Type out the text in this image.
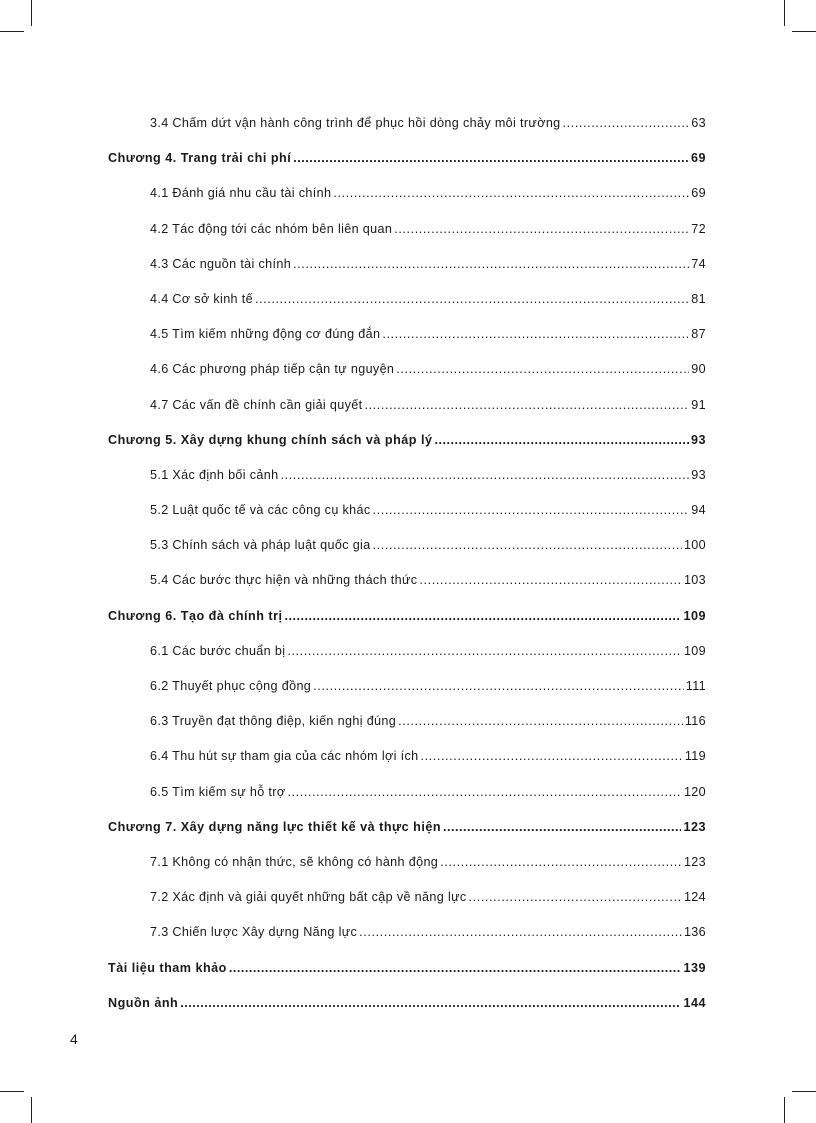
3.4 Chấm dứt vận hành công trình để phục hồi dòng chảy môi trường .....	63
Chương 4. Trang trải chi phí .....	69
4.1 Đánh giá nhu cầu tài chính .....	69
4.2 Tác động tới các nhóm bên liên quan .....	72
4.3 Các nguồn tài chính .....	74
4.4 Cơ sở kinh tế .....	81
4.5 Tìm kiếm những động cơ đúng đắn .....	87
4.6 Các phương pháp tiếp cận tự nguyện .....	90
4.7 Các vấn đề chính cần giải quyết .....	91
Chương 5. Xây dựng khung chính sách và pháp lý .....	93
5.1 Xác định bối cảnh .....	93
5.2 Luật quốc tế và các công cụ khác .....	94
5.3 Chính sách và pháp luật quốc gia .....	100
5.4 Các bước thực hiện và những thách thức .....	103
Chương 6. Tạo đà chính trị .....	109
6.1 Các bước chuẩn bị .....	109
6.2 Thuyết phục cộng đồng .....	111
6.3 Truyền đạt thông điệp, kiến nghị đúng .....	116
6.4 Thu hút sự tham gia của các nhóm lợi ích .....	119
6.5 Tìm kiếm sự hỗ trợ .....	120
Chương 7. Xây dựng năng lực thiết kế và thực hiện .....	123
7.1 Không có nhận thức, sẽ không có hành động .....	123
7.2 Xác định và giải quyết những bất cập về năng lực .....	124
7.3 Chiến lược Xây dựng Năng lực .....	136
Tài liệu tham khảo .....	139
Nguồn ảnh .....	144
4
